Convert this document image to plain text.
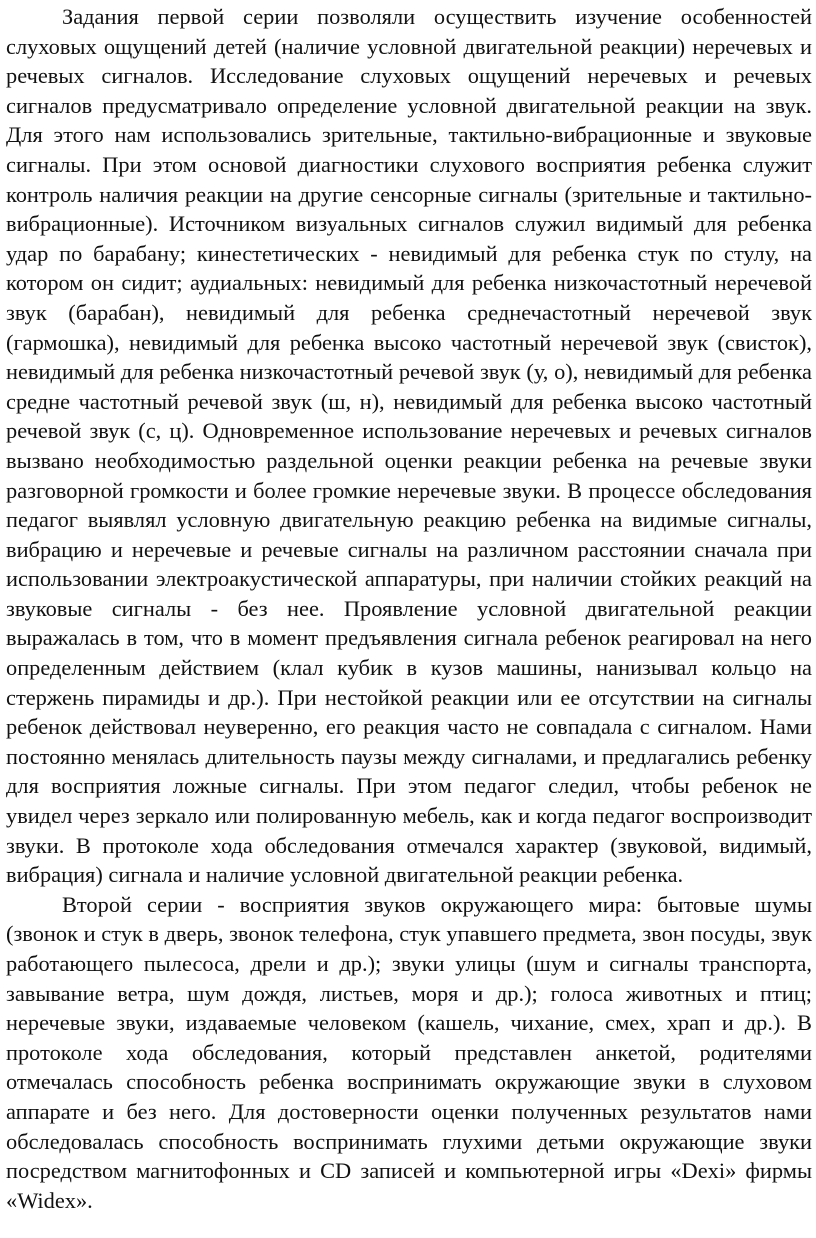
Задания первой серии позволяли осуществить изучение особенностей слуховых ощущений детей (наличие условной двигательной реакции) неречевых и речевых сигналов. Исследование слуховых ощущений неречевых и речевых сигналов предусматривало определение условной двигательной реакции на звук. Для этого нам использовались зрительные, тактильно-вибрационные и звуковые сигналы. При этом основой диагностики слухового восприятия ребенка служит контроль наличия реакции на другие сенсорные сигналы (зрительные и тактильно-вибрационные). Источником визуальных сигналов служил видимый для ребенка удар по барабану; кинестетических - невидимый для ребенка стук по стулу, на котором он сидит; аудиальных: невидимый для ребенка низкочастотный неречевой звук (барабан), невидимый для ребенка среднечастотный неречевой звук (гармошка), невидимый для ребенка высоко частотный неречевой звук (свисток), невидимый для ребенка низкочастотный речевой звук (у, о), невидимый для ребенка средне частотный речевой звук (ш, н), невидимый для ребенка высоко частотный речевой звук (с, ц). Одновременное использование неречевых и речевых сигналов вызвано необходимостью раздельной оценки реакции ребенка на речевые звуки разговорной громкости и более громкие неречевые звуки. В процессе обследования педагог выявлял условную двигательную реакцию ребенка на видимые сигналы, вибрацию и неречевые и речевые сигналы на различном расстоянии сначала при использовании электроакустической аппаратуры, при наличии стойких реакций на звуковые сигналы - без нее. Проявление условной двигательной реакции выражалась в том, что в момент предъявления сигнала ребенок реагировал на него определенным действием (клал кубик в кузов машины, нанизывал кольцо на стержень пирамиды и др.). При нестойкой реакции или ее отсутствии на сигналы ребенок действовал неуверенно, его реакция часто не совпадала с сигналом. Нами постоянно менялась длительность паузы между сигналами, и предлагались ребенку для восприятия ложные сигналы. При этом педагог следил, чтобы ребенок не увидел через зеркало или полированную мебель, как и когда педагог воспроизводит звуки. В протоколе хода обследования отмечался характер (звуковой, видимый, вибрация) сигнала и наличие условной двигательной реакции ребенка.

Второй серии - восприятия звуков окружающего мира: бытовые шумы (звонок и стук в дверь, звонок телефона, стук упавшего предмета, звон посуды, звук работающего пылесоса, дрели и др.); звуки улицы (шум и сигналы транспорта, завывание ветра, шум дождя, листьев, моря и др.); голоса животных и птиц; неречевые звуки, издаваемые человеком (кашель, чихание, смех, храп и др.). В протоколе хода обследования, который представлен анкетой, родителями отмечалась способность ребенка воспринимать окружающие звуки в слуховом аппарате и без него. Для достоверности оценки полученных результатов нами обследовалась способность воспринимать глухими детьми окружающие звуки посредством магнитофонных и CD записей и компьютерной игры «Dexi» фирмы «Widex».
